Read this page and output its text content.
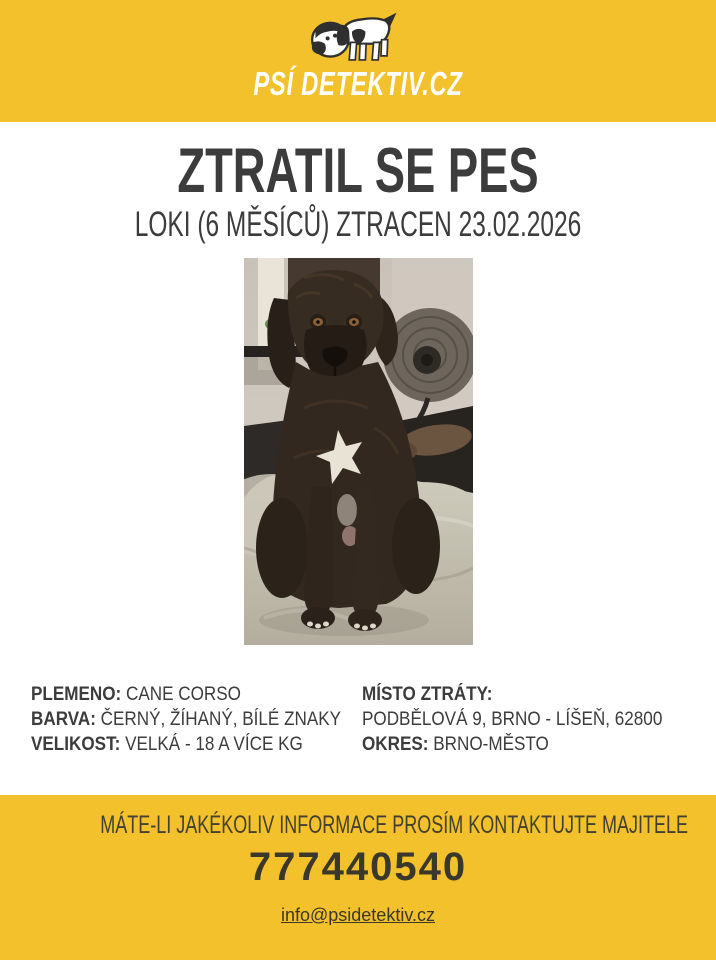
PSÍ DETEKTIV.CZ
ZTRATIL SE PES
LOKI (6 MĚSÍCŮ) ZTRACEN 23.02.2026
PLEMENO: CANE CORSO
BARVA: ČERNÝ, ŽÍHANÝ, BÍLÉ ZNAKY
VELIKOST: VELKÁ - 18 A VÍCE KG
MÍSTO ZTRÁTY:
PODBĚLOVÁ 9, BRNO - LÍŠEŇ, 62800
OKRES: BRNO-MĚSTO
MÁTE-LI JAKÉKOLIV INFORMACE PROSÍM KONTAKTUJTE MAJITELE
777440540
info@psidetektiv.cz
